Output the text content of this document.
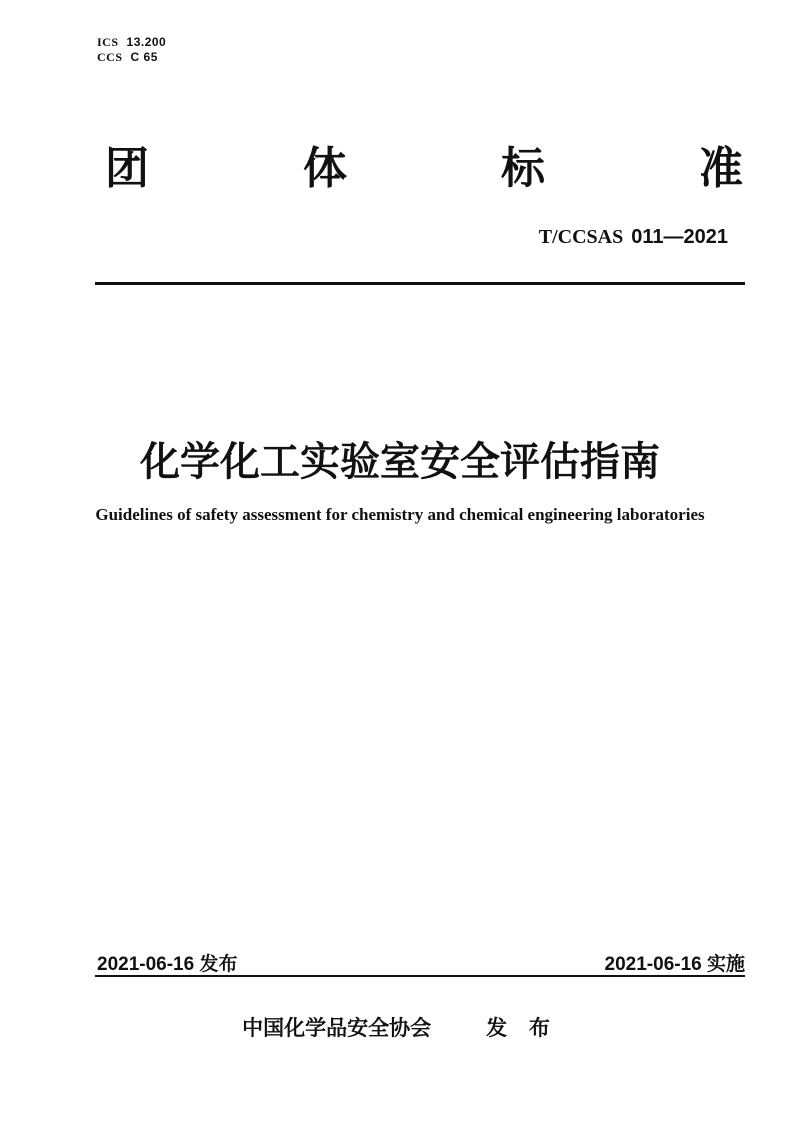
ICS 13.200
CCS C 65
团	体	标	准
T/CCSAS 011—2021
化学化工实验室安全评估指南
Guidelines of safety assessment for chemistry and chemical engineering laboratories
2021-06-16 发布	2021-06-16 实施
中国化学品安全协会	发 布
